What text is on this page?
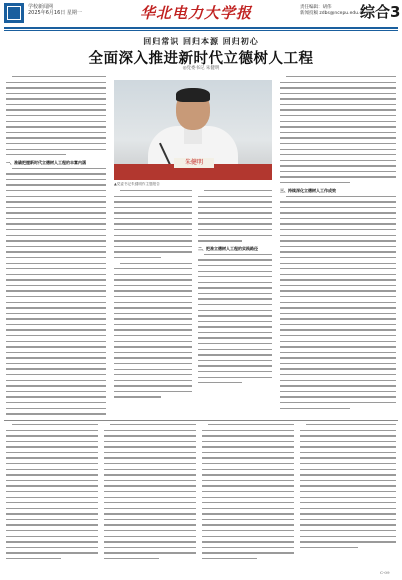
学校新闻网
2025年6月16日 星期一	华北电力大学报	责任编辑：胡伟
新闻投稿 zdbs@ncepu.edu.cn
综合3
回归常识 回归本源 回归初心
全面深入推进新时代立德树人工程
◎党委书记 朱健明
一、准确把握新时代立德树人工程的丰富内涵	朱健明
▲党委书记朱健明作主题报告
二、把准立德树人工程的实践路径
三、持续深化立德树人工作成效
C-09
